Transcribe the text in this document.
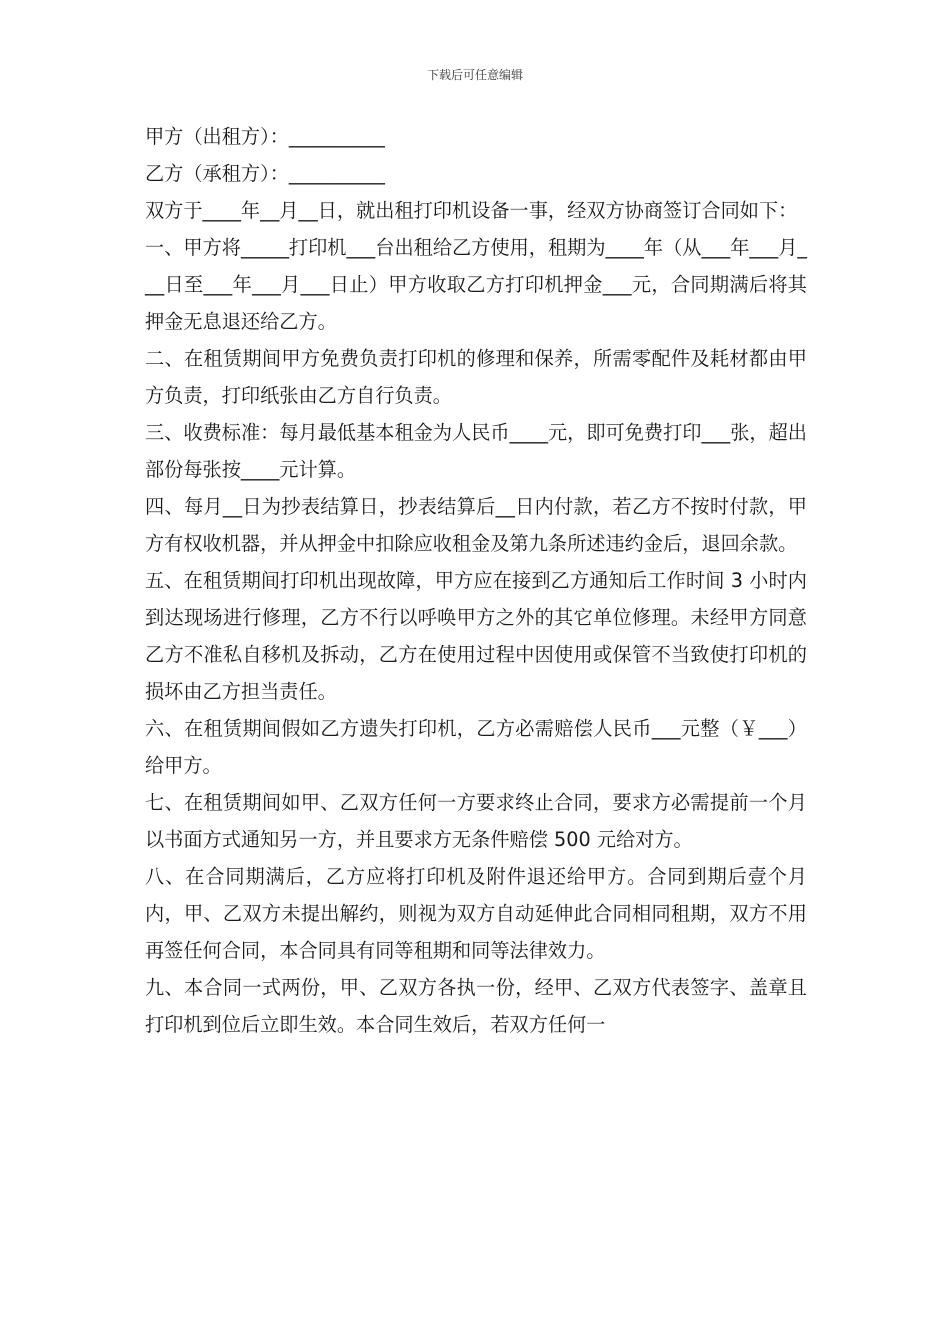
下载后可任意编辑

甲方（出租方）：__________

乙方（承租方）：__________

双方于____年__月__日，就出租打印机设备一事，经双方协商签订合同如下：

一、甲方将_____打印机___台出租给乙方使用，租期为____年（从___年___月___日至___年___月___日止）甲方收取乙方打印机押金___元，合同期满后将其押金无息退还给乙方。

二、在租赁期间甲方免费负责打印机的修理和保养，所需零配件及耗材都由甲方负责，打印纸张由乙方自行负责。

三、收费标准：每月最低基本租金为人民币____元，即可免费打印___张，超出部份每张按____元计算。

四、每月__日为抄表结算日，抄表结算后__日内付款，若乙方不按时付款，甲方有权收机器，并从押金中扣除应收租金及第九条所述违约金后，退回余款。

五、在租赁期间打印机出现故障，甲方应在接到乙方通知后工作时间 3 小时内到达现场进行修理，乙方不行以呼唤甲方之外的其它单位修理。未经甲方同意乙方不准私自移机及拆动，乙方在使用过程中因使用或保管不当致使打印机的损坏由乙方担当责任。

六、在租赁期间假如乙方遗失打印机，乙方必需赔偿人民币___元整（￥___）给甲方。

七、在租赁期间如甲、乙双方任何一方要求终止合同，要求方必需提前一个月以书面方式通知另一方，并且要求方无条件赔偿 500 元给对方。

八、在合同期满后，乙方应将打印机及附件退还给甲方。合同到期后壹个月内，甲、乙双方未提出解约，则视为双方自动延伸此合同相同租期，双方不用再签任何合同，本合同具有同等租期和同等法律效力。

九、本合同一式两份，甲、乙双方各执一份，经甲、乙双方代表签字、盖章且打印机到位后立即生效。本合同生效后，若双方任何一
